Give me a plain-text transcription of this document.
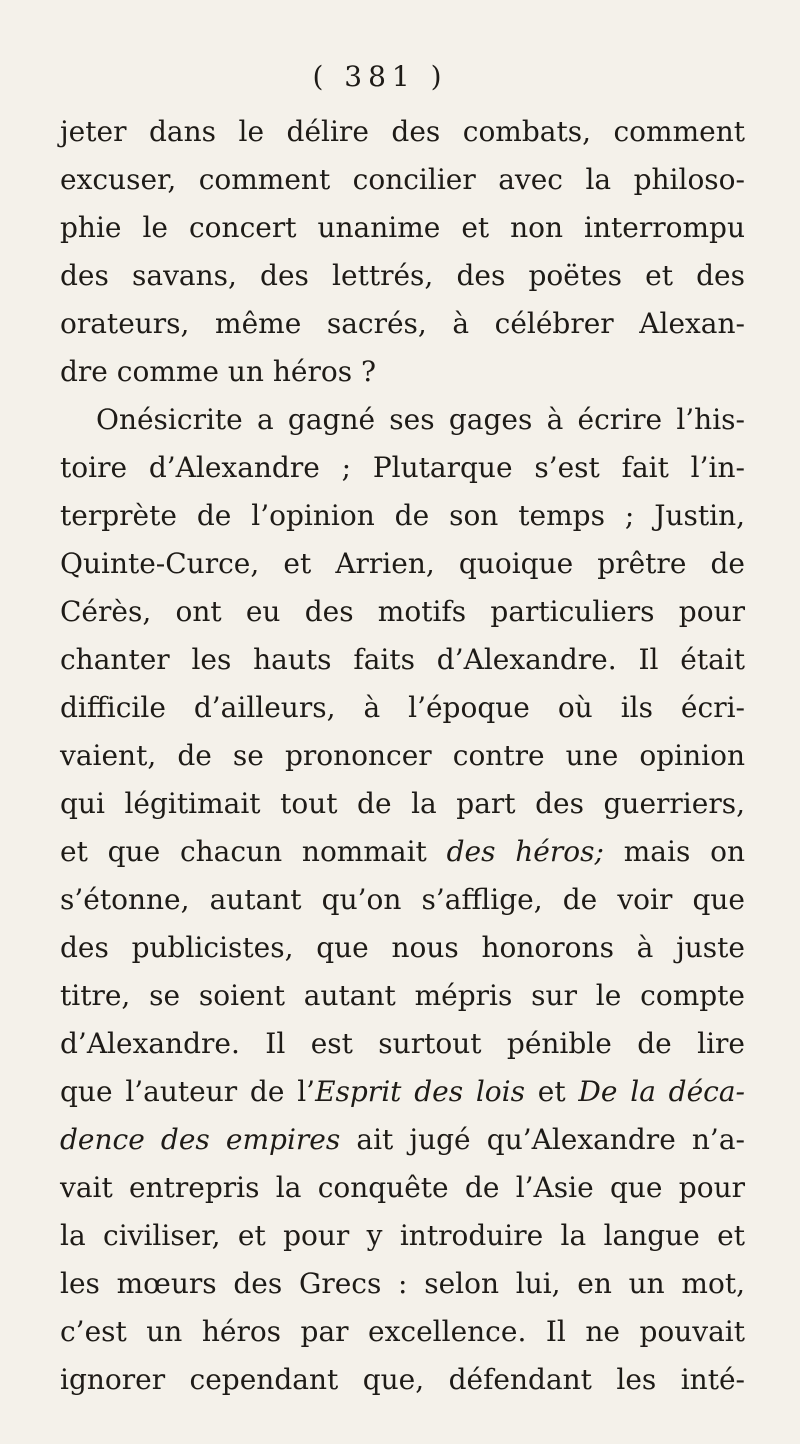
( 381 )
jeter dans le délire des combats, comment
excuser, comment concilier avec la philoso-
phie le concert unanime et non interrompu
des savans, des lettrés, des poëtes et des
orateurs, même sacrés, à célébrer Alexan-
dre comme un héros ?
Onésicrite a gagné ses gages à écrire l’his-
toire d’Alexandre ; Plutarque s’est fait l’in-
terprète de l’opinion de son temps ; Justin,
Quinte-Curce, et Arrien, quoique prêtre de
Cérès, ont eu des motifs particuliers pour
chanter les hauts faits d’Alexandre. Il était
difficile d’ailleurs, à l’époque où ils écri-
vaient, de se prononcer contre une opinion
qui légitimait tout de la part des guerriers,
et que chacun nommait des héros; mais on
s’étonne, autant qu’on s’afflige, de voir que
des publicistes, que nous honorons à juste
titre, se soient autant mépris sur le compte
d’Alexandre. Il est surtout pénible de lire
que l’auteur de l’Esprit des lois et De la déca-
dence des empires ait jugé qu’Alexandre n’a-
vait entrepris la conquête de l’Asie que pour
la civiliser, et pour y introduire la langue et
les mœurs des Grecs : selon lui, en un mot,
c’est un héros par excellence. Il ne pouvait
ignorer cependant que, défendant les inté-
